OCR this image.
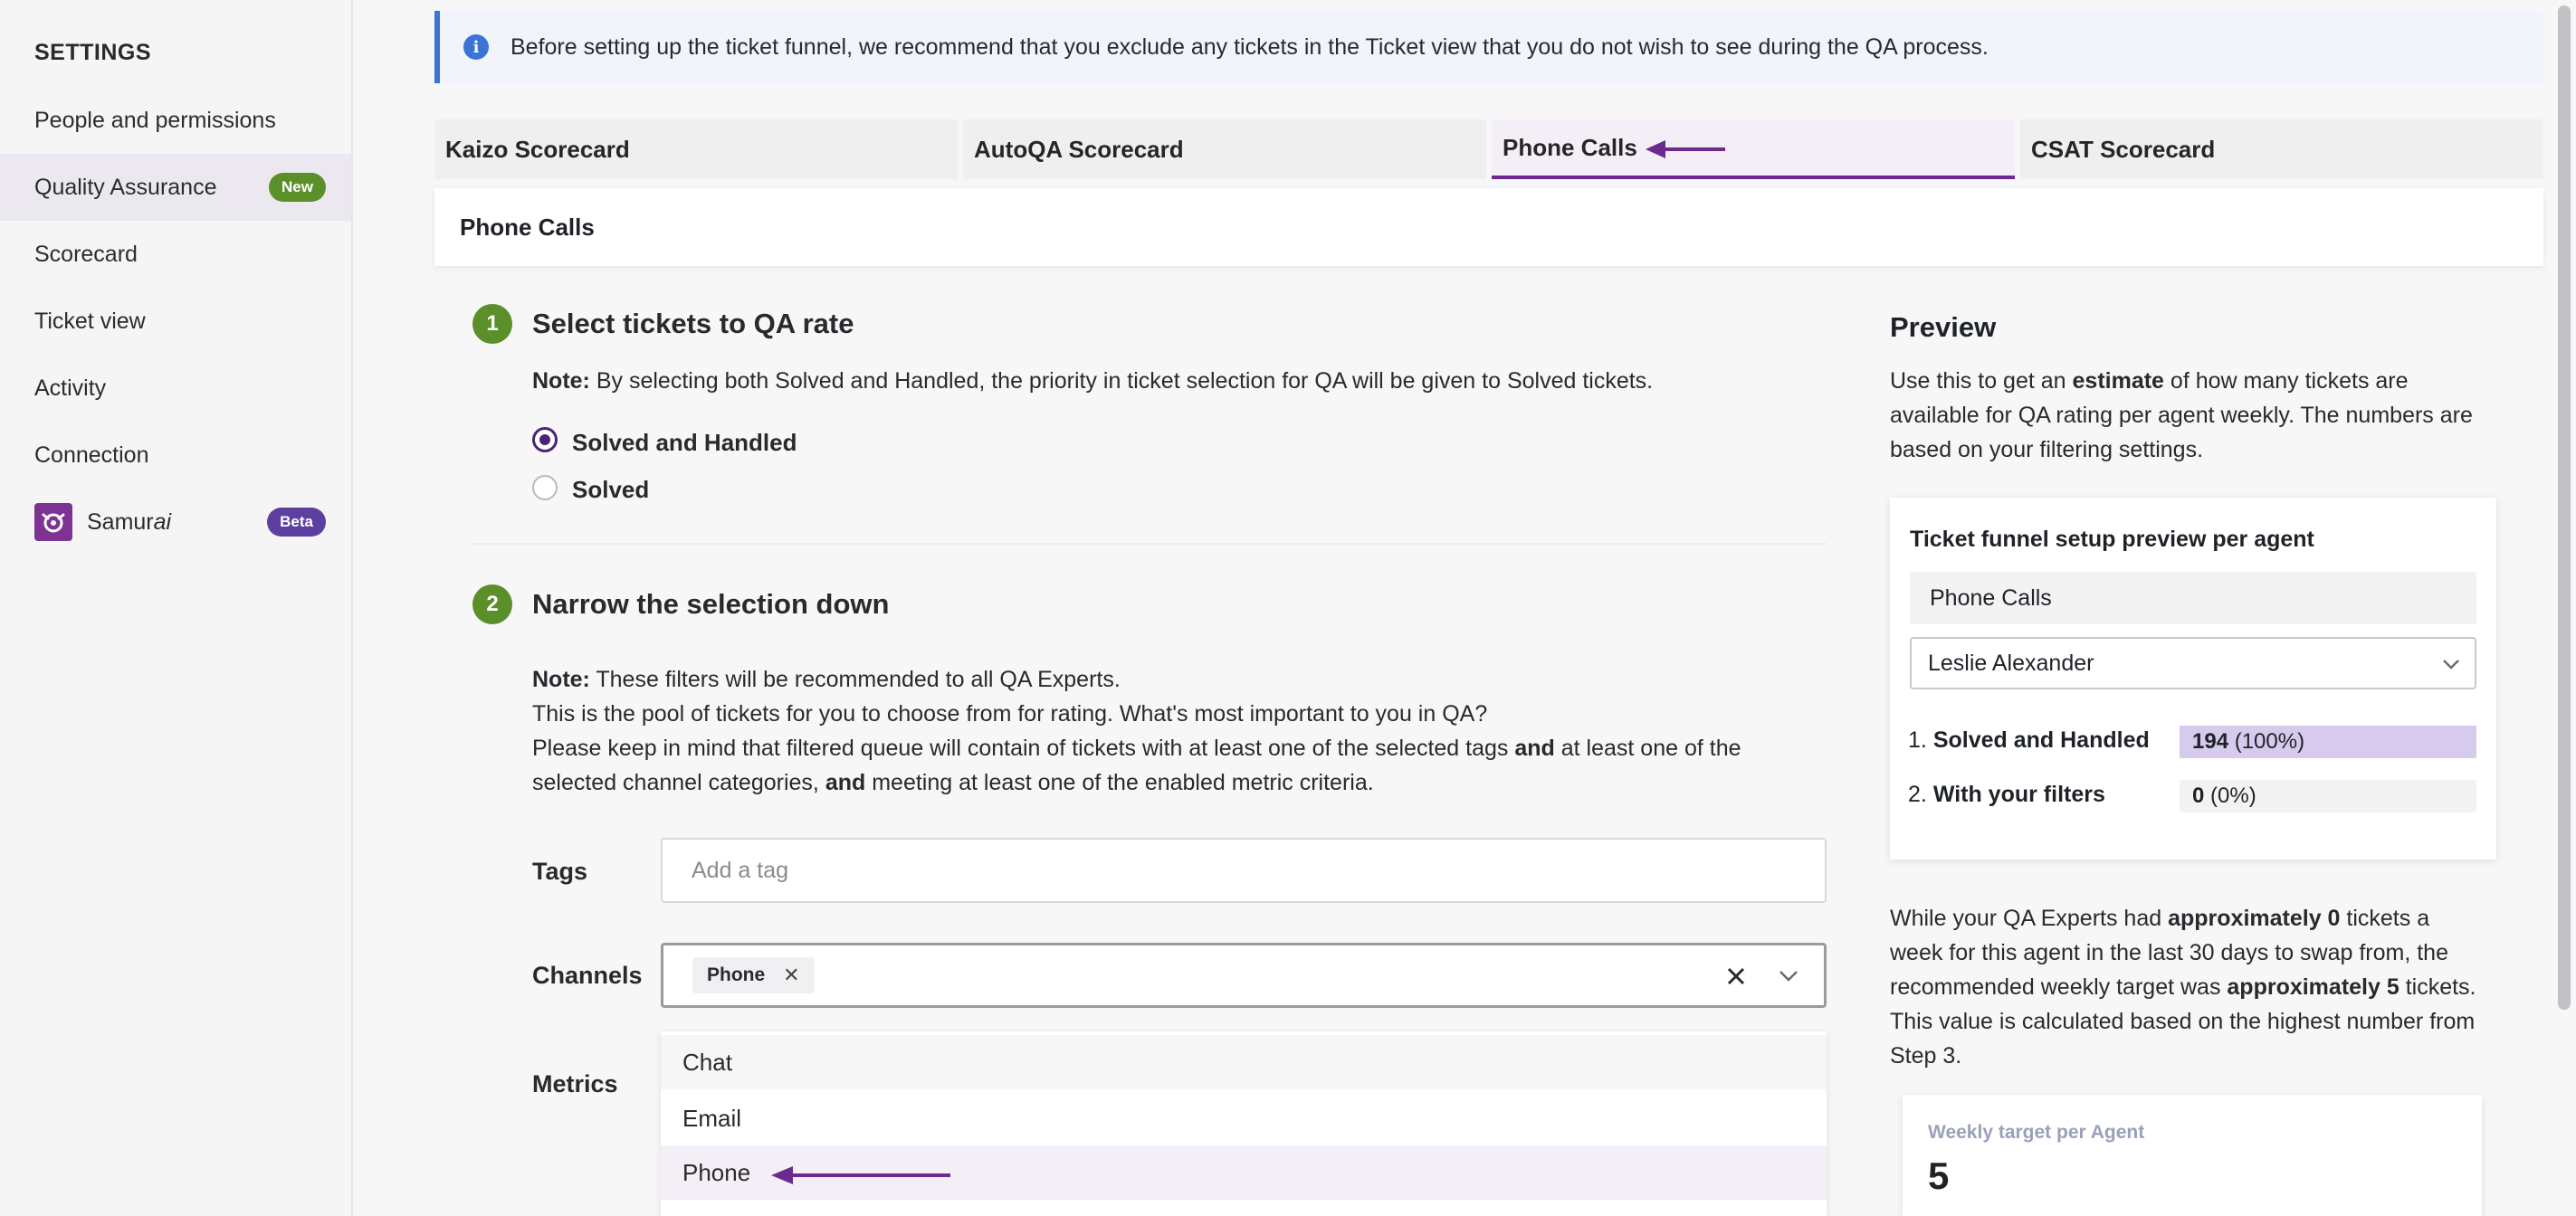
SETTINGS
People and permissions
Quality Assurance	New
Scorecard
Ticket view
Activity
Connection
Samurai	Beta
i	Before setting up the ticket funnel, we recommend that you exclude any tickets in the Ticket view that you do not wish to see during the QA process.
Kaizo Scorecard	AutoQA Scorecard	Phone Calls	CSAT Scorecard
Phone Calls
1	Select tickets to QA rate
Note: By selecting both Solved and Handled, the priority in ticket selection for QA will be given to Solved tickets.
Solved and Handled
Solved
2	Narrow the selection down
Note: These filters will be recommended to all QA Experts.
This is the pool of tickets for you to choose from for rating. What's most important to you in QA?
Please keep in mind that filtered queue will contain of tickets with at least one of the selected tags and at least one of the
selected channel categories, and meeting at least one of the enabled metric criteria.
Tags	Add a tag
Channels	Phone ✕
Metrics
Chat
Email
Phone
Preview
Use this to get an estimate of how many tickets are
available for QA rating per agent weekly. The numbers are
based on your filtering settings.
Ticket funnel setup preview per agent
Phone Calls
Leslie Alexander
1. Solved and Handled 194 (100%)
2. With your filters	0 (0%)
While your QA Experts had approximately 0 tickets a
week for this agent in the last 30 days to swap from, the
recommended weekly target was approximately 5 tickets.
This value is calculated based on the highest number from
Step 3.
Weekly target per Agent
5
